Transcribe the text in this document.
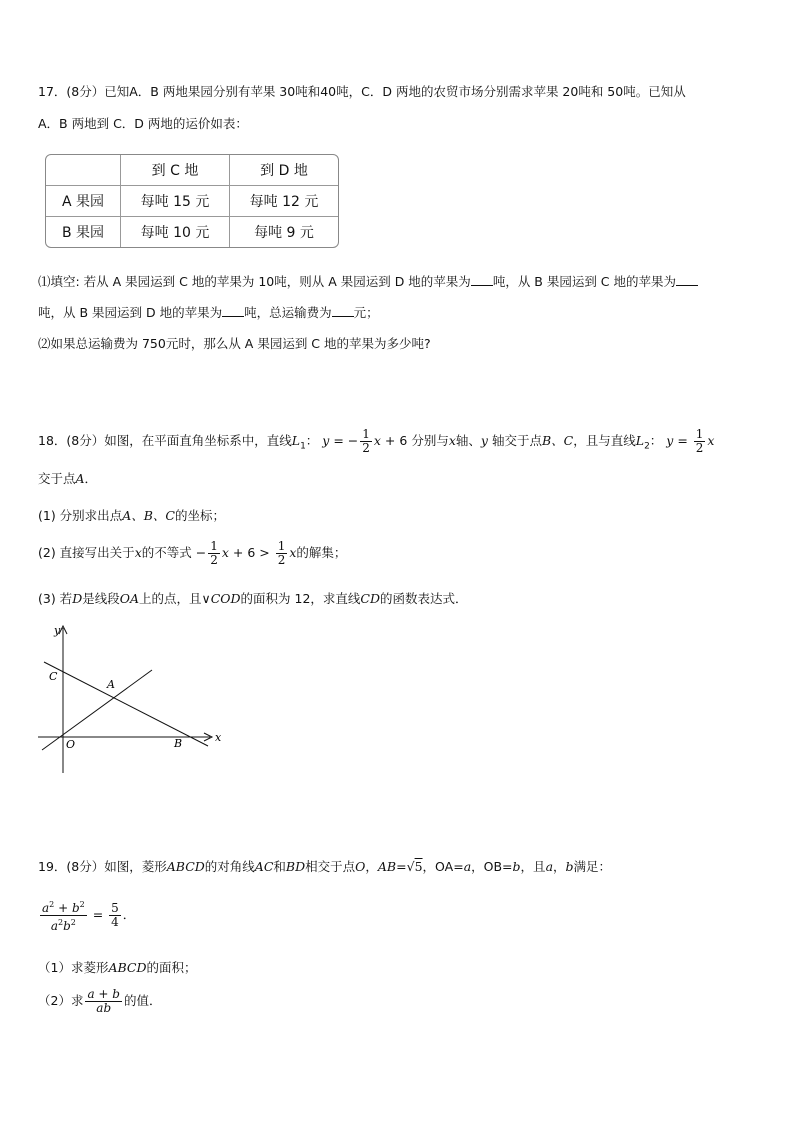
17．(8分）已知A．B 两地果园分别有苹果 30吨和40吨，C．D 两地的农贸市场分别需求苹果 20吨和 50吨。已知从
A．B 两地到 C．D 两地的运价如表：
	到 C 地	到 D 地
A 果园	每吨 15 元	每吨 12 元
B 果园	每吨 10 元	每吨 9 元
⑴填空: 若从 A 果园运到 C 地的苹果为 10吨，则从 A 果园运到 D 地的苹果为 吨，从 B 果园运到 C 地的苹果为
吨，从 B 果园运到 D 地的苹果为 吨，总运输费为 元；
⑵如果总运输费为 750元时，那么从 A 果园运到 C 地的苹果为多少吨?
18．(8分）如图，在平面直角坐标系中，直线$L_1$： y = − $\frac{1}{2}$ x + 6 分别与x轴、y 轴交于点B、C，且与直线$L_2$： $y = \frac{1}{2}$ x
交于点A．
(1) 分别求出点A、B、C的坐标；
(2) 直接写出关于x的不等式 − $\frac{1}{2}$ $x + 6 > \frac{1}{2}$ x的解集；
(3) 若D是线段OA上的点，且∨COD的面积为 12，求直线CD的函数表达式．
y
x
C
A
O	B
19．(8分）如图，菱形ABCD的对角线AC和BD相交于点O，AB=√5，OA=a，OB=b，且a，b满足：
$\frac{a^2 + b^2}{a^2b^2} = \frac{5}{4}$ ．
（1）求菱形ABCD的面积；
（2）求 $\frac{a + b}{ab}$ 的值．
